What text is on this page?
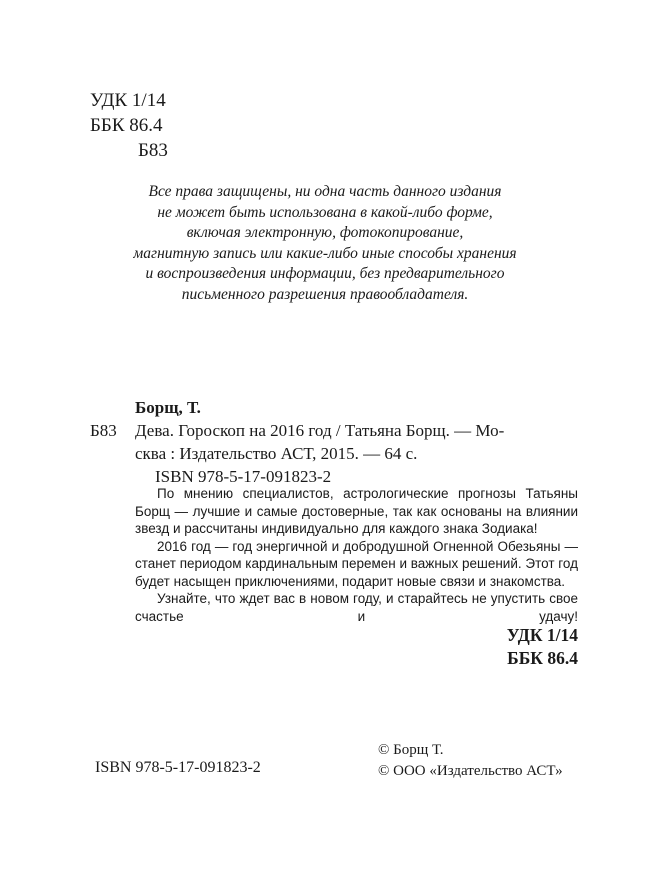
УДК 1/14
ББК 86.4
Б83
Все права защищены, ни одна часть данного издания
не может быть использована в какой-либо форме,
включая электронную, фотокопирование,
магнитную запись или какие-либо иные способы хранения
и воспроизведения информации, без предварительного
письменного разрешения правообладателя.
Борщ, Т.
Б83 Дева. Гороскоп на 2016 год / Татьяна Борщ. — Мо-
сква : Издательство АСТ, 2015. — 64 с.
ISBN 978-5-17-091823-2

По мнению специалистов, астрологические прогнозы Татьяны Борщ — лучшие и самые достоверные, так как основаны на влиянии звезд и рассчитаны индивидуально для каждого знака Зодиака!

2016 год — год энергичной и добродушной Огненной Обезьяны — станет периодом кардинальным перемен и важных решений. Этот год будет насыщен приключениями, подарит новые связи и знакомства.

Узнайте, что ждет вас в новом году, и старайтесь не упустить свое счастье и удачу!

УДК 1/14
ББК 86.4
ISBN 978-5-17-091823-2
© Борщ Т.
© ООО «Издательство АСТ»
